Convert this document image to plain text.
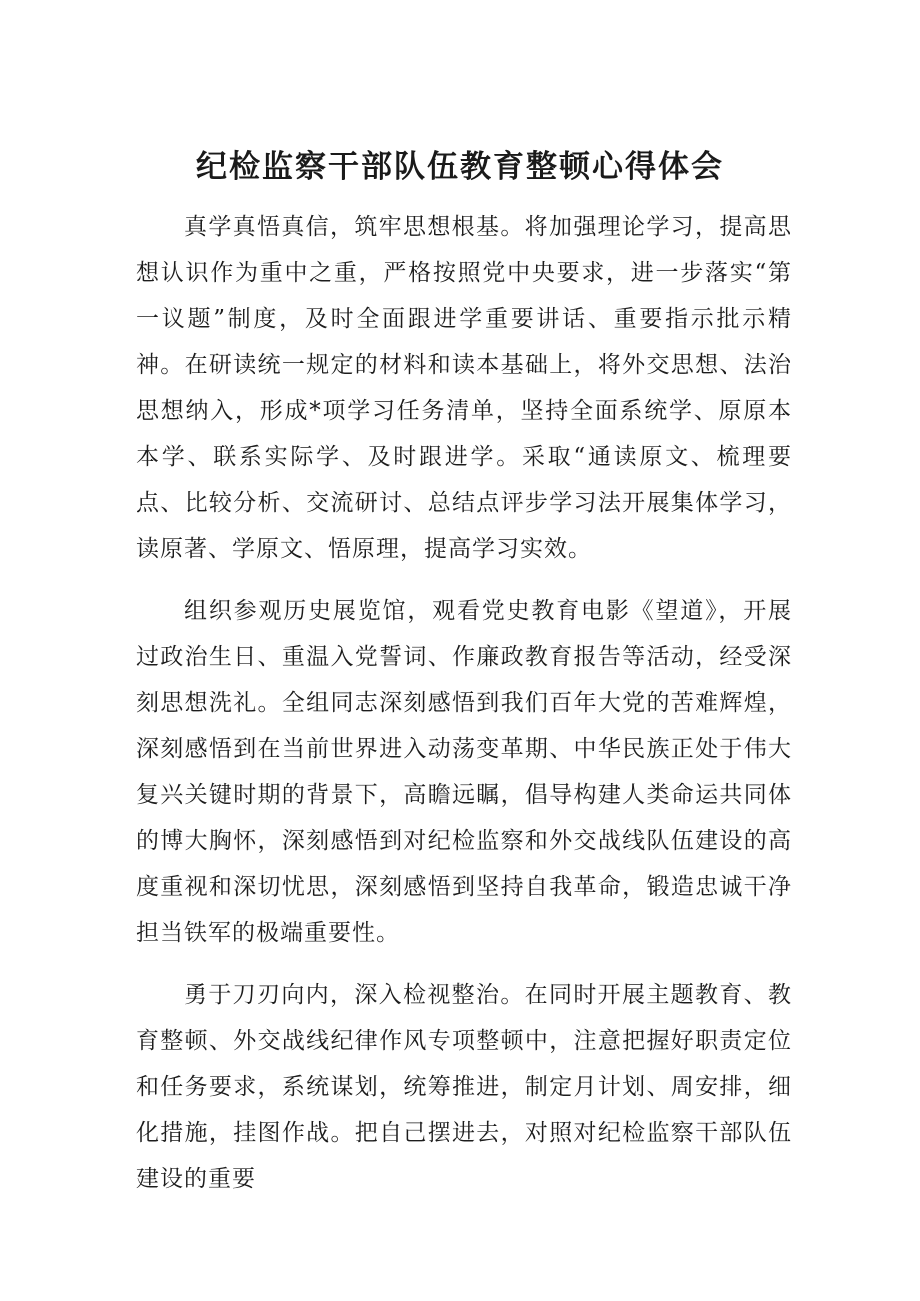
纪检监察干部队伍教育整顿心得体会

真学真悟真信，筑牢思想根基。将加强理论学习，提高思想认识作为重中之重，严格按照党中央要求，进一步落实“第一议题”制度，及时全面跟进学重要讲话、重要指示批示精神。在研读统一规定的材料和读本基础上，将外交思想、法治思想纳入，形成*项学习任务清单，坚持全面系统学、原原本本学、联系实际学、及时跟进学。采取“通读原文、梳理要点、比较分析、交流研讨、总结点评步学习法开展集体学习，读原著、学原文、悟原理，提高学习实效。

组织参观历史展览馆，观看党史教育电影《望道》，开展过政治生日、重温入党誓词、作廉政教育报告等活动，经受深刻思想洗礼。全组同志深刻感悟到我们百年大党的苦难辉煌，深刻感悟到在当前世界进入动荡变革期、中华民族正处于伟大复兴关键时期的背景下，高瞻远瞩，倡导构建人类命运共同体的博大胸怀，深刻感悟到对纪检监察和外交战线队伍建设的高度重视和深切忧思，深刻感悟到坚持自我革命，锻造忠诚干净担当铁军的极端重要性。

勇于刀刃向内，深入检视整治。在同时开展主题教育、教育整顿、外交战线纪律作风专项整顿中，注意把握好职责定位和任务要求，系统谋划，统筹推进，制定月计划、周安排，细化措施，挂图作战。把自己摆进去，对照对纪检监察干部队伍建设的重要
